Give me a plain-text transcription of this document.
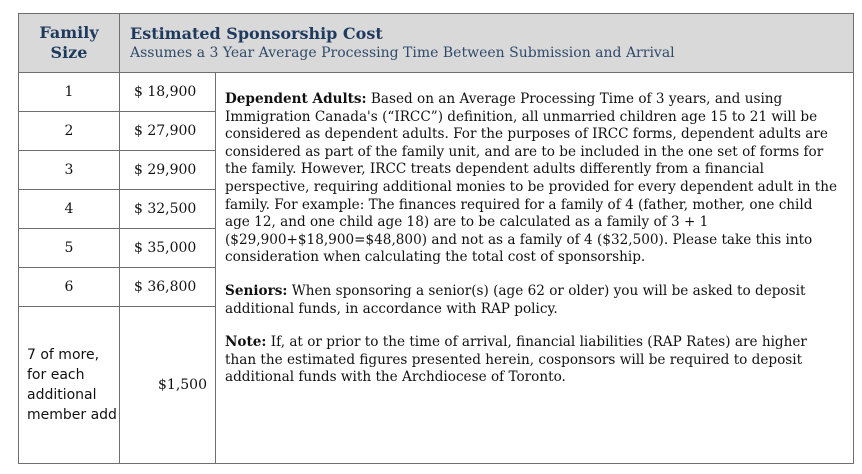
Family Size	Estimated Sponsorship Cost
Assumes a 3 Year Average Processing Time Between Submission and Arrival	

1	$ 18,900	Dependent Adults: Based on an Average Processing Time of 3 years, and using Immigration Canada's (“IRCC”) definition, all unmarried children age 15 to 21 will be considered as dependent adults. For the purposes of IRCC forms, dependent adults are considered as part of the family unit, and are to be included in the one set of forms for the family. However, IRCC treats dependent adults differently from a financial perspective, requiring additional monies to be provided for every dependent adult in the family. For example: The finances required for a family of 4 (father, mother, one child age 12, and one child age 18) are to be calculated as a family of 3 + 1 ($29,900+$18,900=$48,800) and not as a family of 4 ($32,500). Please take this into consideration when calculating the total cost of sponsorship.

Seniors: When sponsoring a senior(s) (age 62 or older) you will be asked to deposit additional funds, in accordance with RAP policy.

Note: If, at or prior to the time of arrival, financial liabilities (RAP Rates) are higher than the estimated figures presented herein, cosponsors will be required to deposit additional funds with the Archdiocese of Toronto.

2	$ 27,900	
3	$ 29,900	
4	$ 32,500	
5	$ 35,000	
6	$ 36,800	
7 of more, for each additional member add	$1,500	
